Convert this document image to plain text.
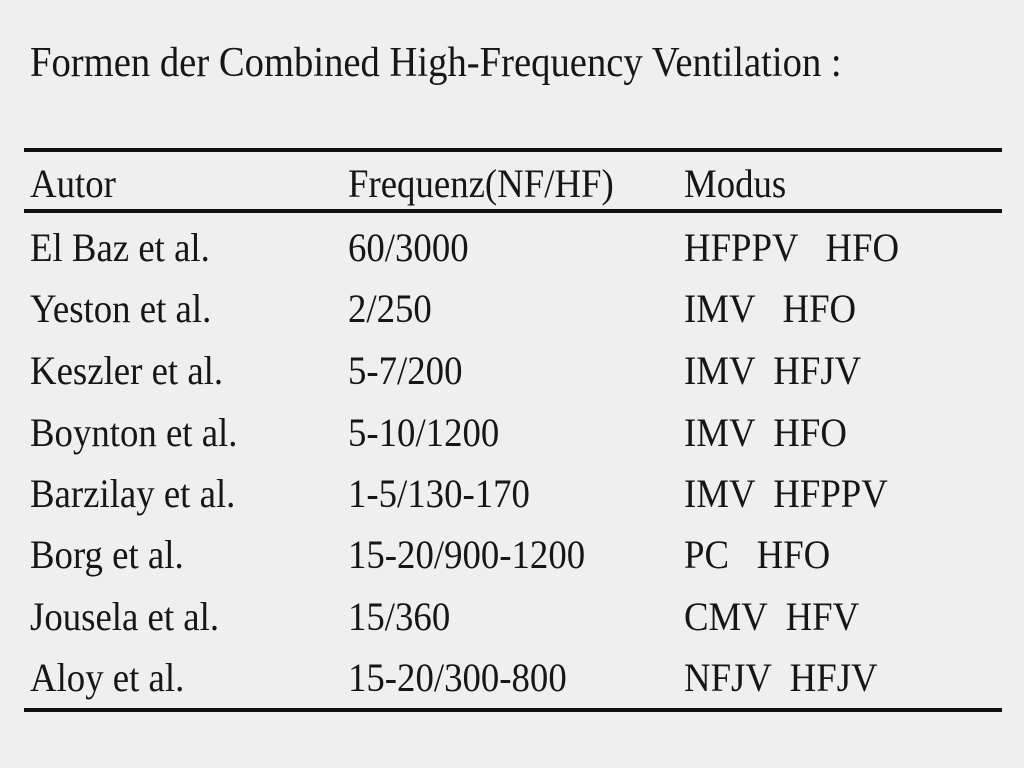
Formen der Combined High-Frequency Ventilation :
Autor	Frequenz(NF/HF) Modus
El Baz et al.	60/3000	HFPPV   HFO
Yeston et al.	2/250	IMV   HFO
Keszler et al.	5-7/200	IMV  HFJV
Boynton et al.	5-10/1200	IMV  HFO
Barzilay et al.	1-5/130-170	IMV  HFPPV
Borg et al.	15-20/900-1200 PC   HFO
Jousela et al.	15/360	CMV  HFV
Aloy et al.	15-20/300-800	NFJV  HFJV
